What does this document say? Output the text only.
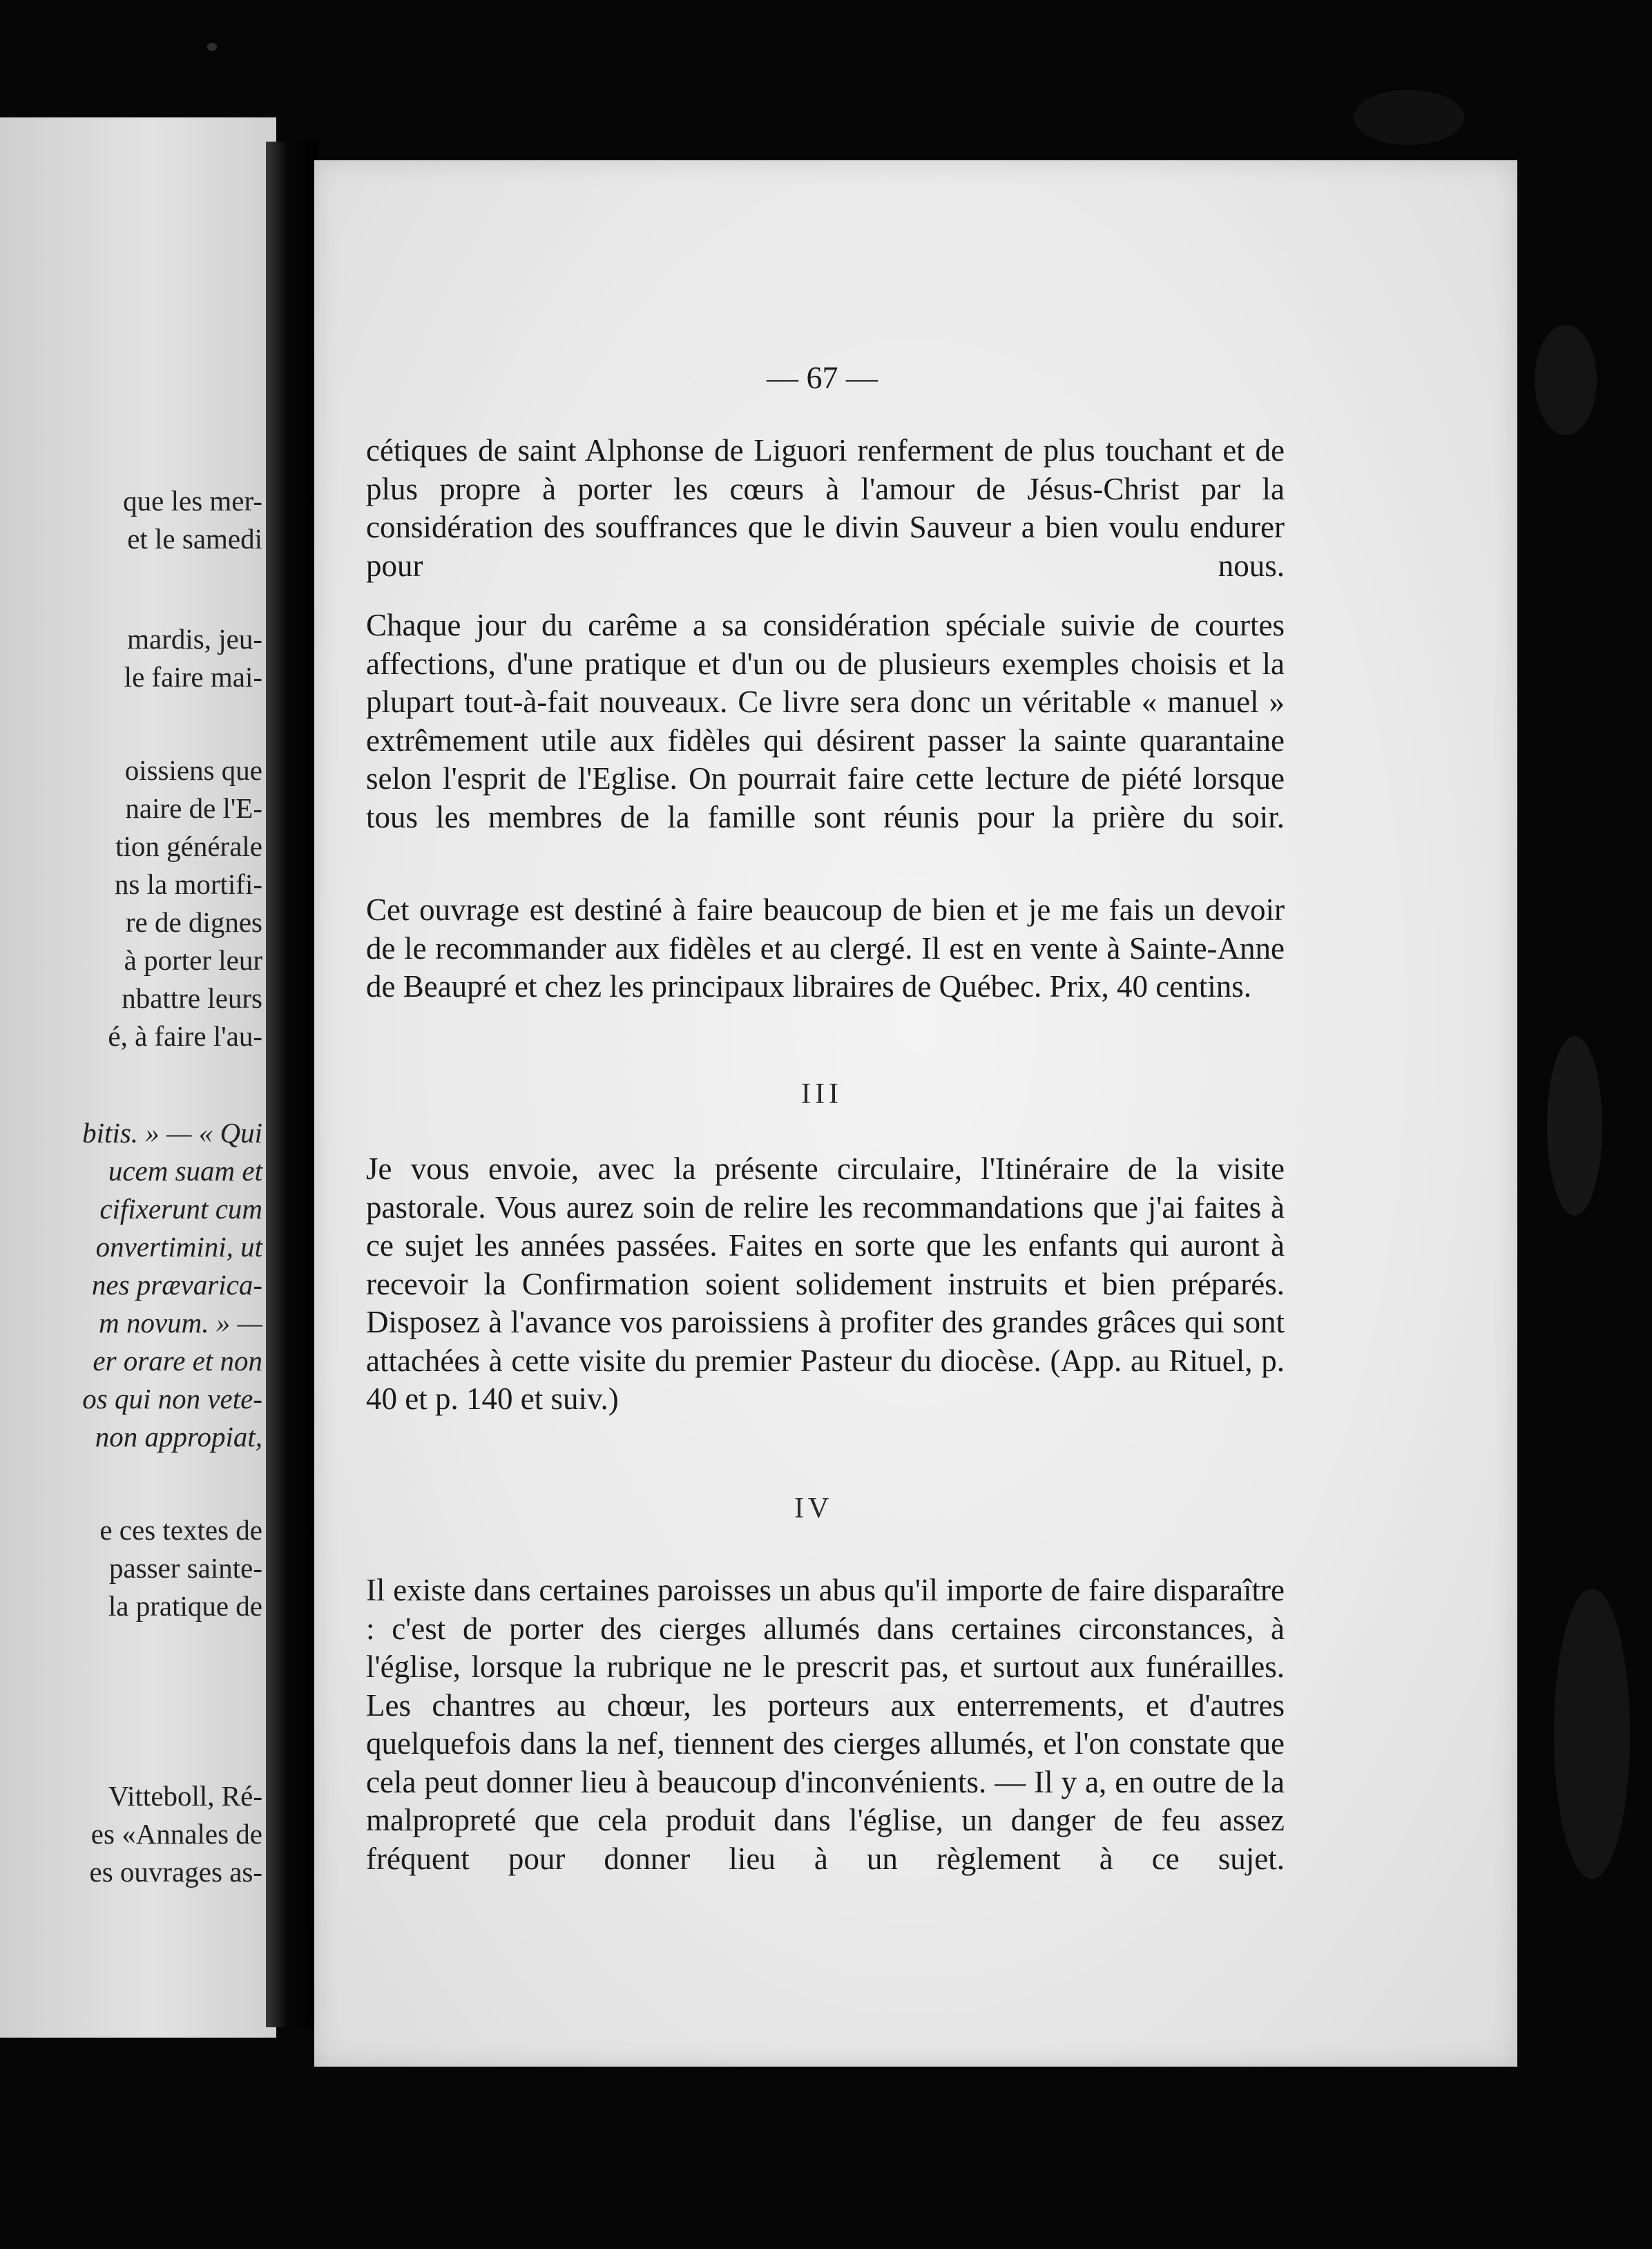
que les mer-
et le samedi
mardis, jeu-
le faire mai-
oissiens que
naire de l'E-
tion générale
ns la mortifi-
re de dignes
à porter leur
nbattre leurs
é, à faire l'au-
bitis. » — « Qui
ucem suam et
cifixerunt cum
onvertimini, ut
nes prævarica-
m novum. » —
er orare et non
os qui non vete-
non appropiat,
e ces textes de
passer sainte-
la pratique de
Vitteboll, Ré-
es «Annales de
es ouvrages as-
— 67 —

cétiques de saint Alphonse de Liguori renferment de plus touchant et de plus propre à porter les cœurs à l'amour de Jésus-Christ par la considération des souffrances que le divin Sauveur a bien voulu endurer pour nous.

Chaque jour du carême a sa considération spéciale suivie de courtes affections, d'une pratique et d'un ou de plusieurs exemples choisis et la plupart tout-à-fait nouveaux. Ce livre sera donc un véritable « manuel » extrêmement utile aux fidèles qui désirent passer la sainte quarantaine selon l'esprit de l'Eglise. On pourrait faire cette lecture de piété lorsque tous les membres de la famille sont réunis pour la prière du soir.

Cet ouvrage est destiné à faire beaucoup de bien et je me fais un devoir de le recommander aux fidèles et au clergé. Il est en vente à Sainte-Anne de Beaupré et chez les principaux libraires de Québec. Prix, 40 centins.

III

Je vous envoie, avec la présente circulaire, l'Itinéraire de la visite pastorale. Vous aurez soin de relire les recommandations que j'ai faites à ce sujet les années passées. Faites en sorte que les enfants qui auront à recevoir la Confirmation soient solidement instruits et bien préparés. Disposez à l'avance vos paroissiens à profiter des grandes grâces qui sont attachées à cette visite du premier Pasteur du diocèse. (App. au Rituel, p. 40 et p. 140 et suiv.)

IV

Il existe dans certaines paroisses un abus qu'il importe de faire disparaître : c'est de porter des cierges allumés dans certaines circonstances, à l'église, lorsque la rubrique ne le prescrit pas, et surtout aux funérailles. Les chantres au chœur, les porteurs aux enterrements, et d'autres quelquefois dans la nef, tiennent des cierges allumés, et l'on constate que cela peut donner lieu à beaucoup d'inconvénients. — Il y a, en outre de la malpropreté que cela produit dans l'église, un danger de feu assez fréquent pour donner lieu à un règlement à ce sujet.
